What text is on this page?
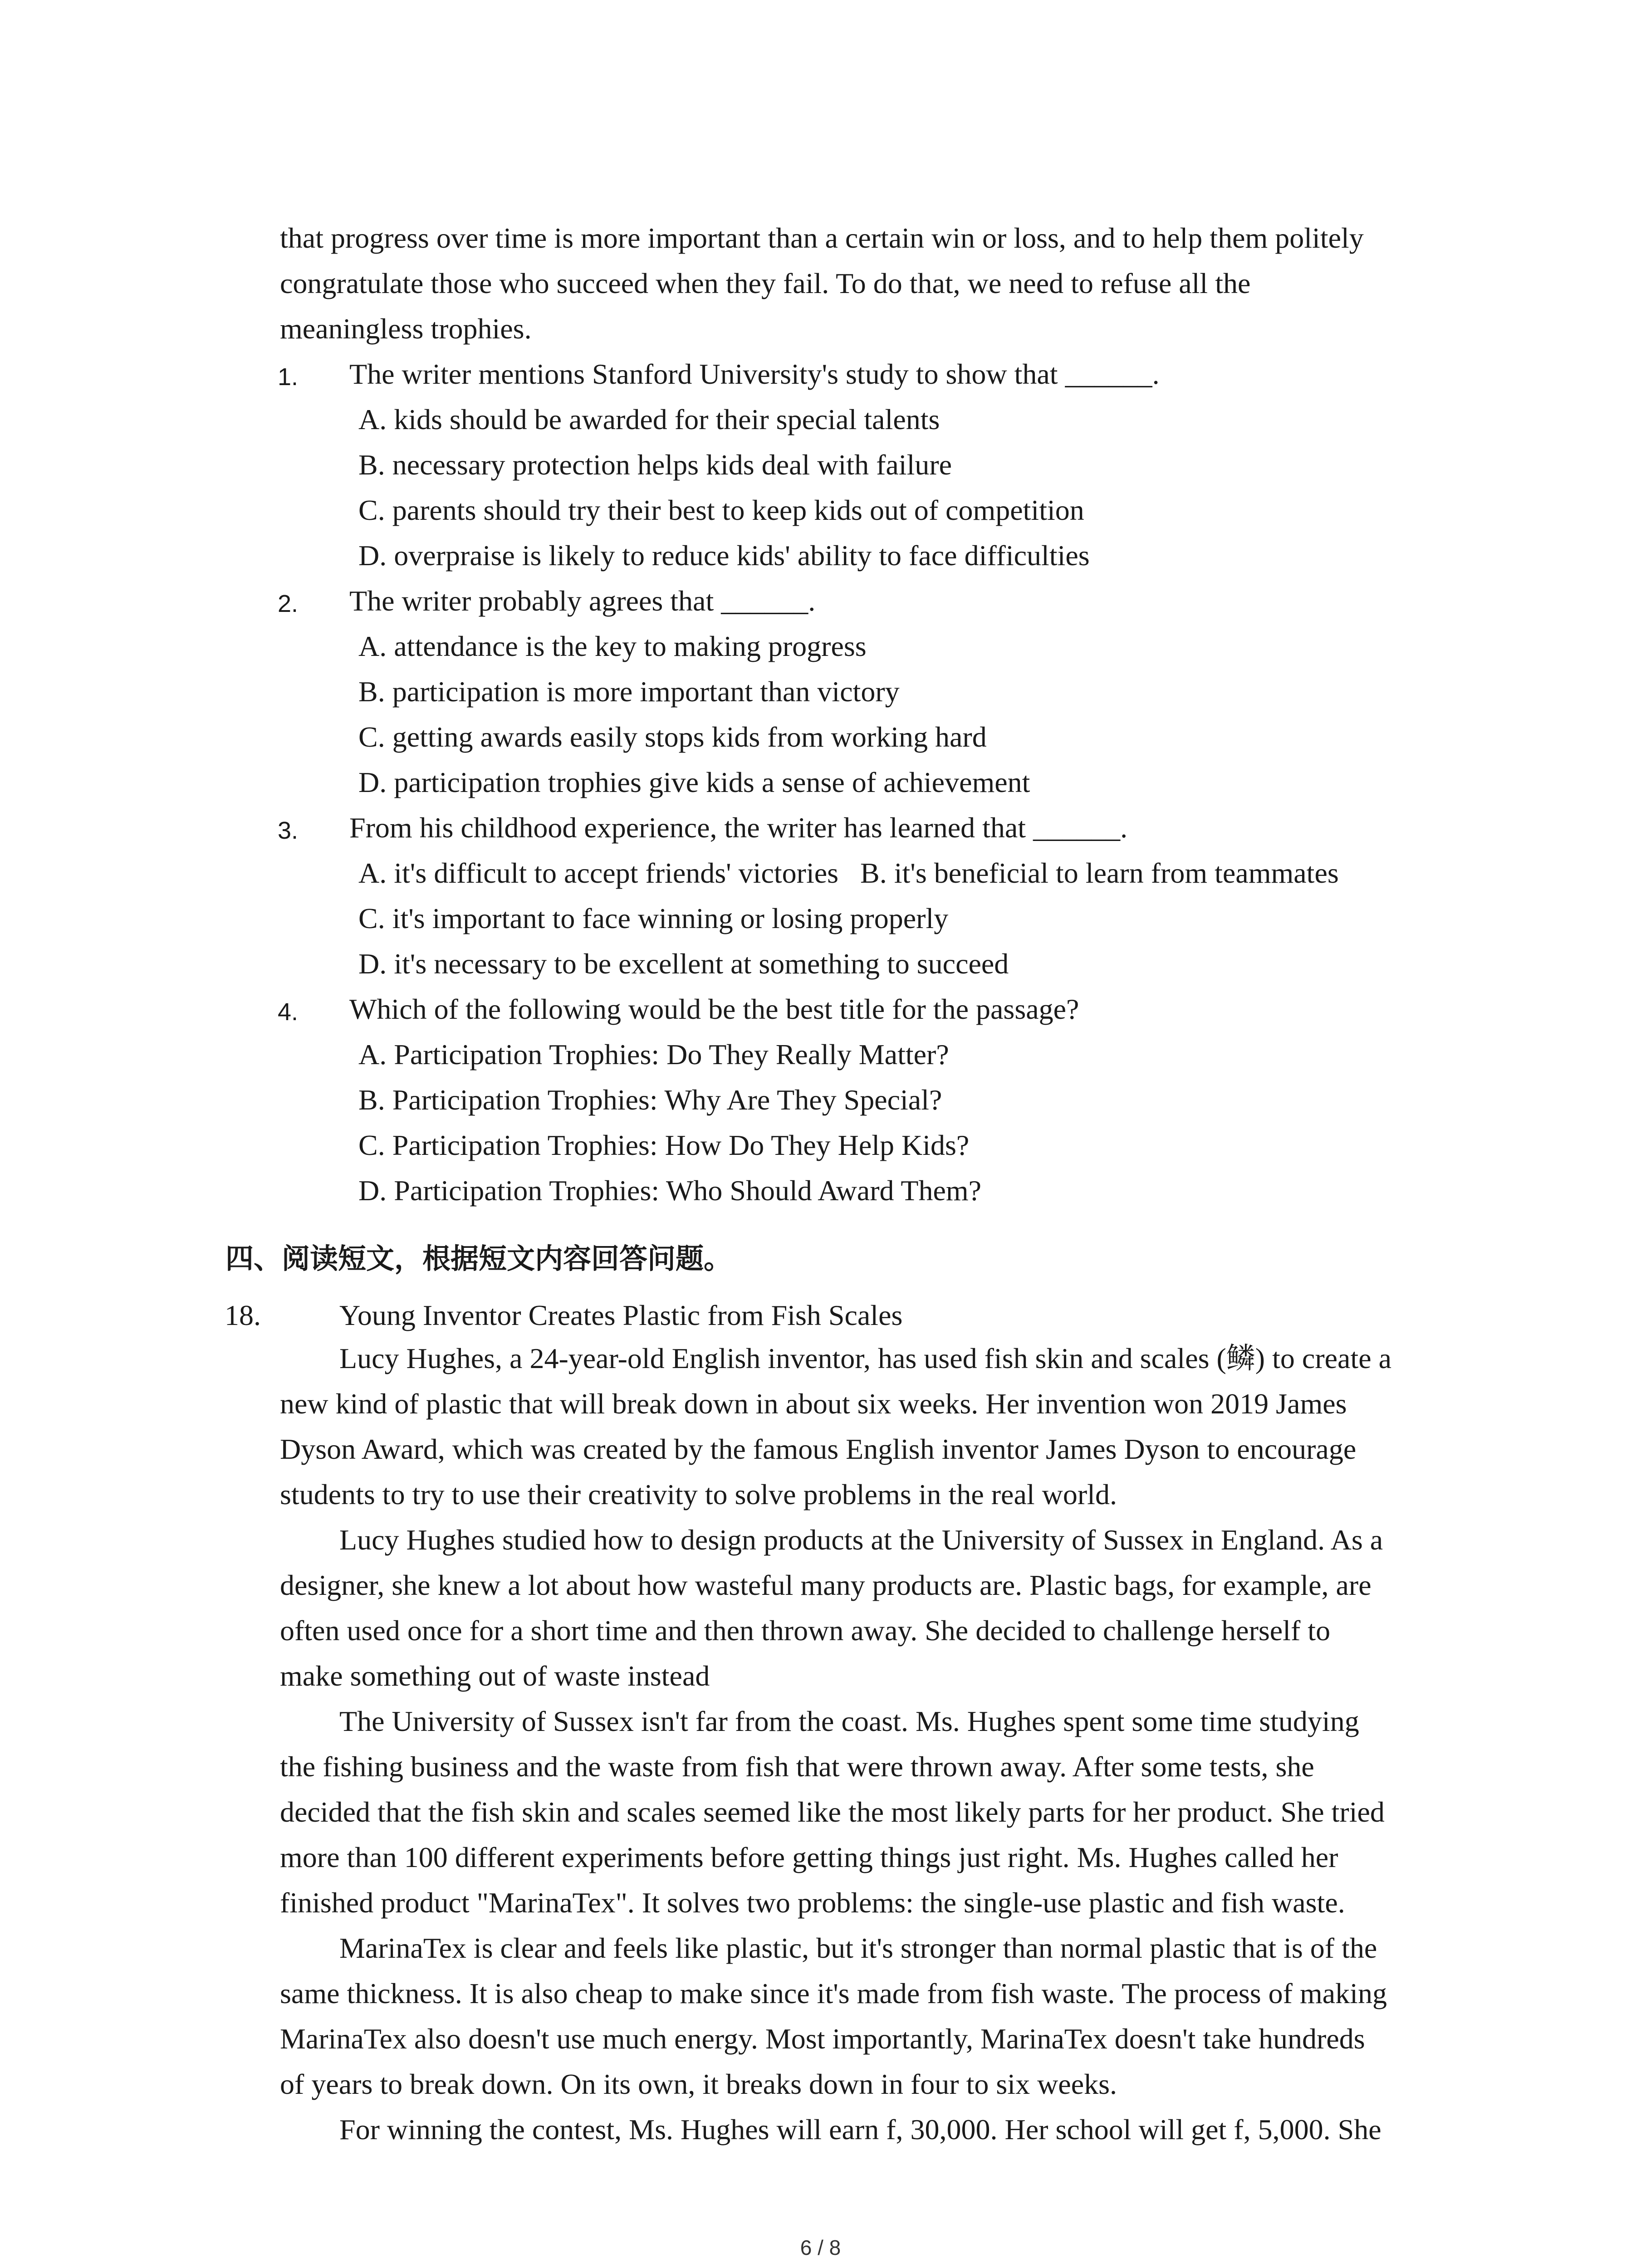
that progress over time is more important than a certain win or loss, and to help them politely
congratulate those who succeed when they fail. To do that, we need to refuse all the
meaningless trophies.
1. The writer mentions Stanford University's study to show that ______.
A. kids should be awarded for their special talents
B. necessary protection helps kids deal with failure
C. parents should try their best to keep kids out of competition
D. overpraise is likely to reduce kids' ability to face difficulties
2. The writer probably agrees that ______.
A. attendance is the key to making progress
B. participation is more important than victory
C. getting awards easily stops kids from working hard
D. participation trophies give kids a sense of achievement
3. From his childhood experience, the writer has learned that ______.
A. it's difficult to accept friends' victories   B. it's beneficial to learn from teammates
C. it's important to face winning or losing properly
D. it's necessary to be excellent at something to succeed
4. Which of the following would be the best title for the passage?
A. Participation Trophies: Do They Really Matter?
B. Participation Trophies: Why Are They Special?
C. Participation Trophies: How Do They Help Kids?
D. Participation Trophies: Who Should Award Them?
四、阅读短文，根据短文内容回答问题。
18.	Young Inventor Creates Plastic from Fish Scales
Lucy Hughes, a 24-year-old English inventor, has used fish skin and scales (鳞) to create a
new kind of plastic that will break down in about six weeks. Her invention won 2019 James
Dyson Award, which was created by the famous English inventor James Dyson to encourage
students to try to use their creativity to solve problems in the real world.
Lucy Hughes studied how to design products at the University of Sussex in England. As a
designer, she knew a lot about how wasteful many products are. Plastic bags, for example, are
often used once for a short time and then thrown away. She decided to challenge herself to
make something out of waste instead
The University of Sussex isn't far from the coast. Ms. Hughes spent some time studying
the fishing business and the waste from fish that were thrown away. After some tests, she
decided that the fish skin and scales seemed like the most likely parts for her product. She tried
more than 100 different experiments before getting things just right. Ms. Hughes called her
finished product "MarinaTex". It solves two problems: the single-use plastic and fish waste.
MarinaTex is clear and feels like plastic, but it's stronger than normal plastic that is of the
same thickness. It is also cheap to make since it's made from fish waste. The process of making
MarinaTex also doesn't use much energy. Most importantly, MarinaTex doesn't take hundreds
of years to break down. On its own, it breaks down in four to six weeks.
For winning the contest, Ms. Hughes will earn f, 30,000. Her school will get f, 5,000. She
6 / 8
